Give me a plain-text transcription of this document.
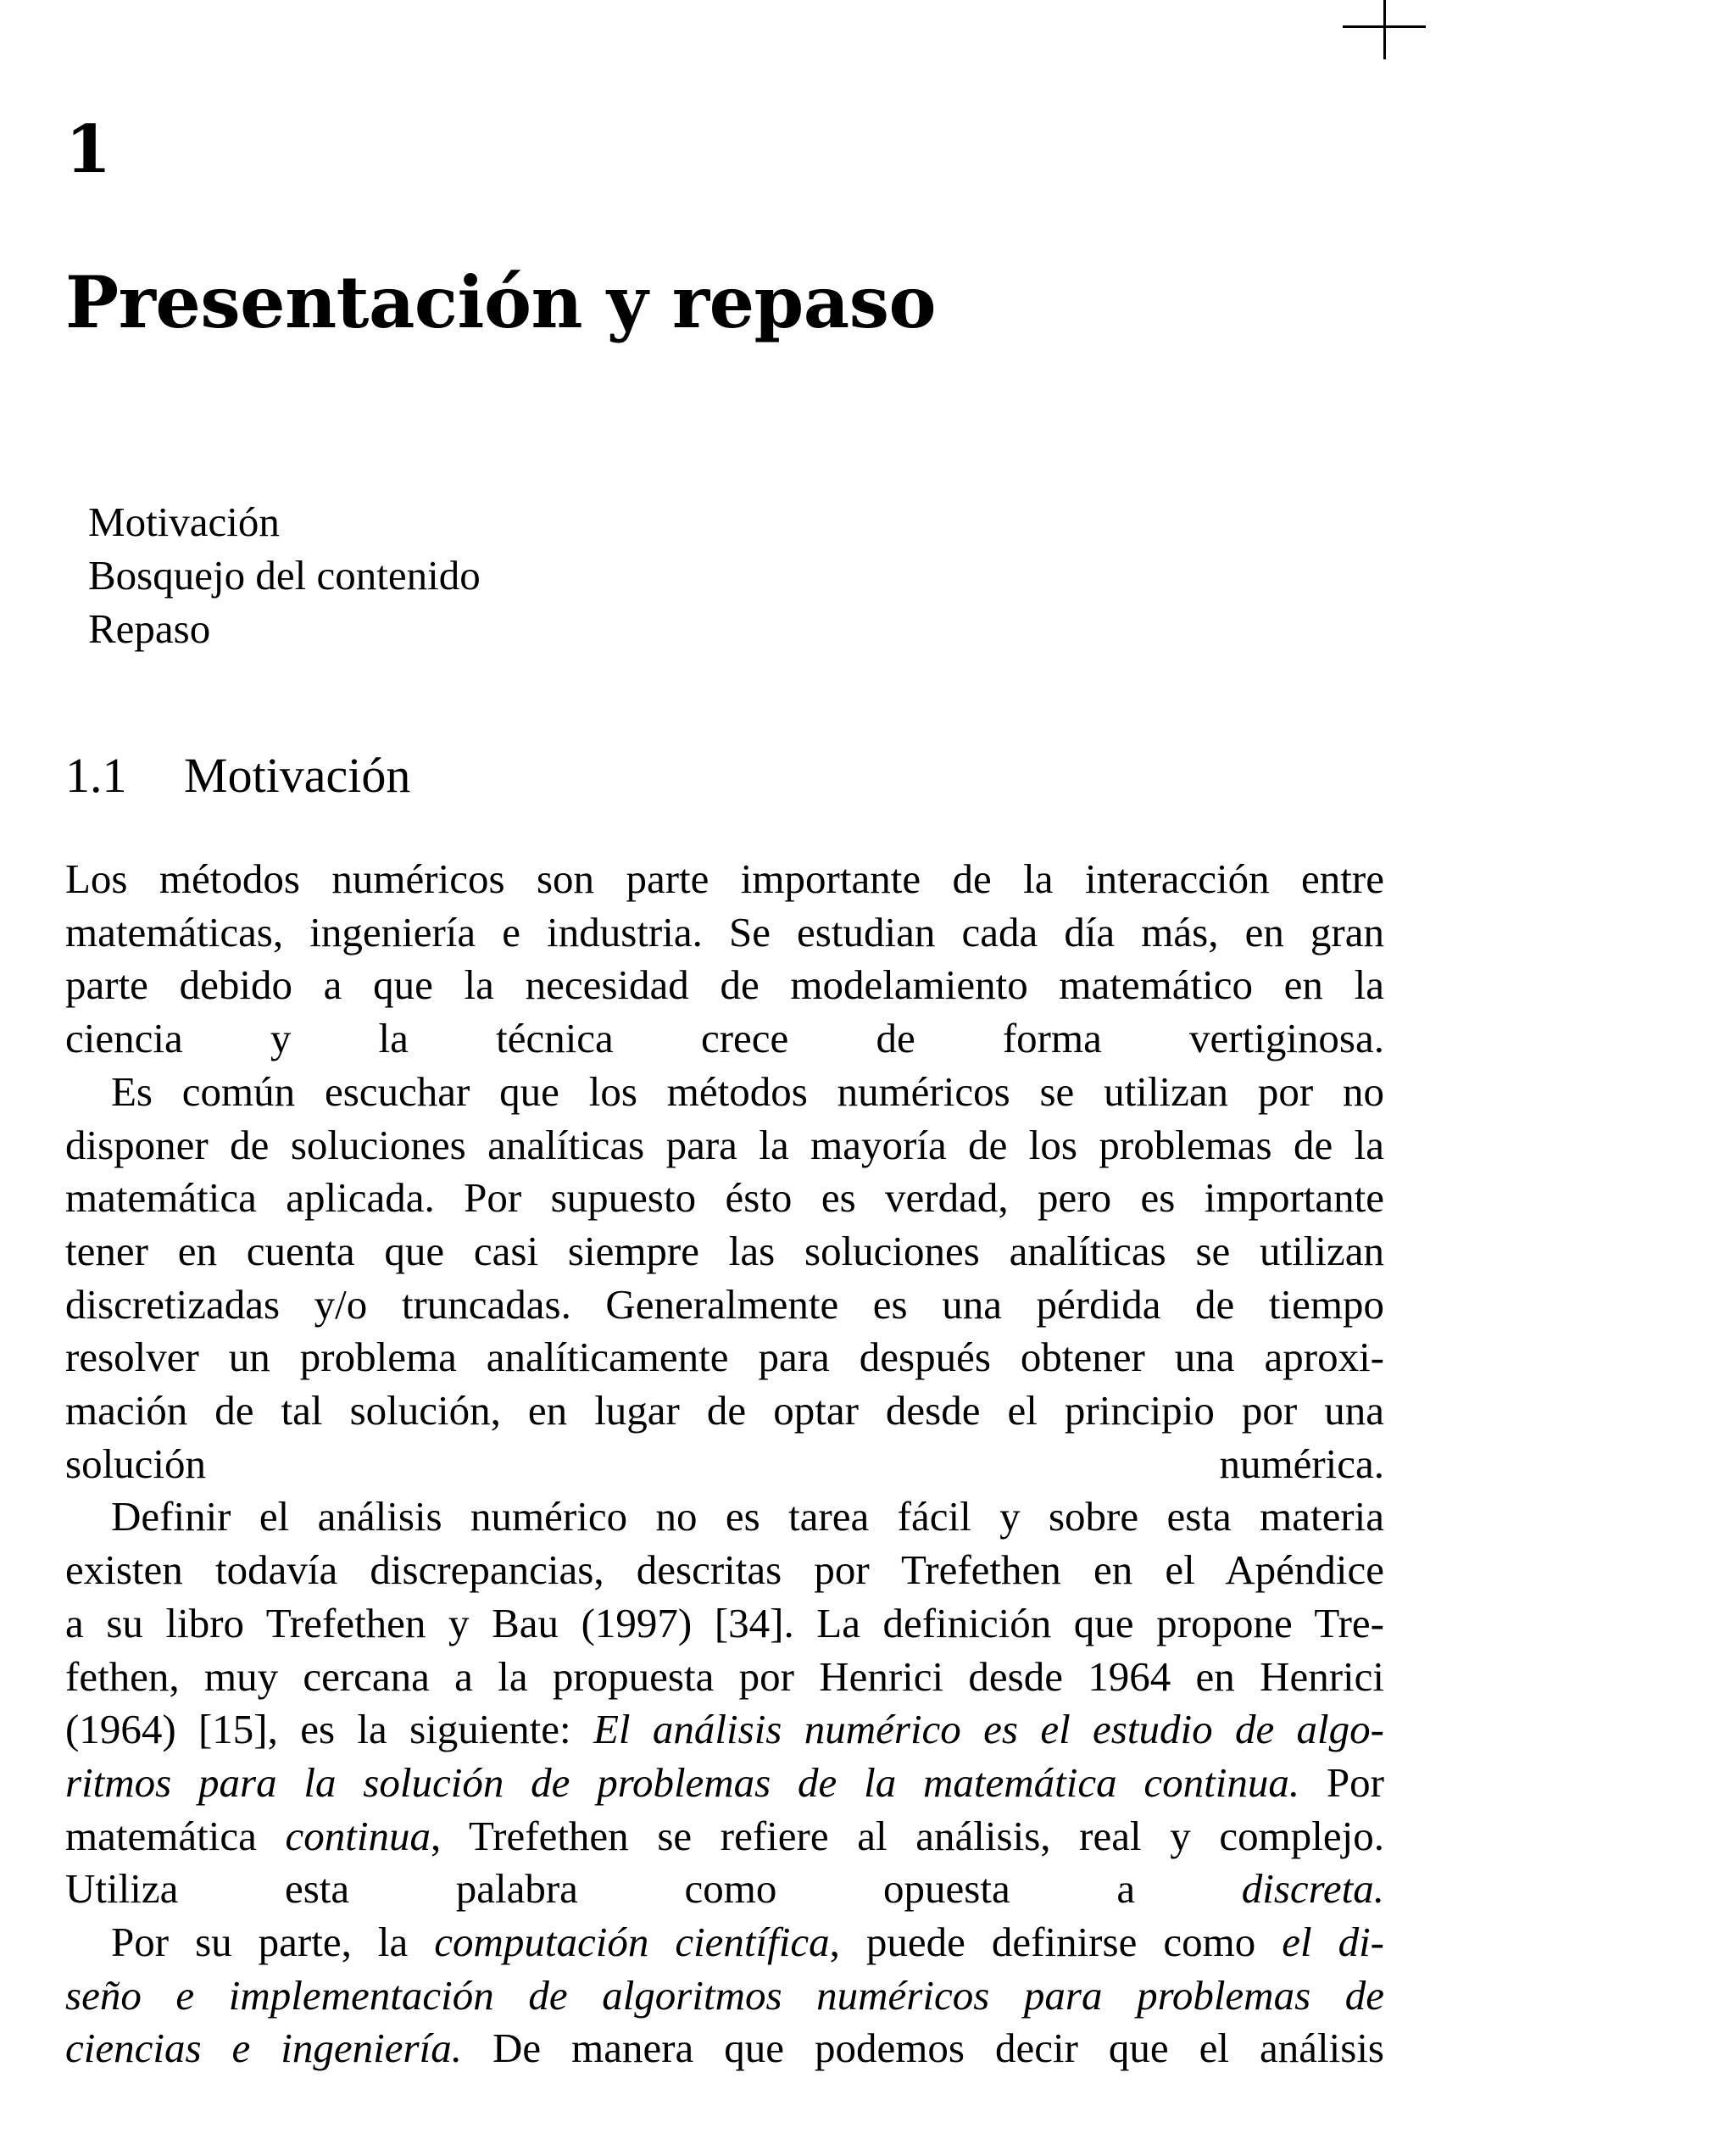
1
Presentación y repaso
Motivación
Bosquejo del contenido
Repaso
1.1 Motivación

Los métodos numéricos son parte importante de la interacción entre
matemáticas, ingeniería e industria. Se estudian cada día más, en gran
parte debido a que la necesidad de modelamiento matemático en la
ciencia y la técnica crece de forma vertiginosa.

Es común escuchar que los métodos numéricos se utilizan por no
disponer de soluciones analíticas para la mayoría de los problemas de la
matemática aplicada. Por supuesto ésto es verdad, pero es importante
tener en cuenta que casi siempre las soluciones analíticas se utilizan
discretizadas y/o truncadas. Generalmente es una pérdida de tiempo
resolver un problema analíticamente para después obtener una aproxi-
mación de tal solución, en lugar de optar desde el principio por una
solución numérica.

Definir el análisis numérico no es tarea fácil y sobre esta materia
existen todavía discrepancias, descritas por Trefethen en el Apéndice
a su libro Trefethen y Bau (1997) [34]. La definición que propone Tre-
fethen, muy cercana a la propuesta por Henrici desde 1964 en Henrici
(1964) [15], es la siguiente: El análisis numérico es el estudio de algo-
ritmos para la solución de problemas de la matemática continua. Por
matemática continua, Trefethen se refiere al análisis, real y complejo.
Utiliza esta palabra como opuesta a discreta.

Por su parte, la computación científica, puede definirse como el di-
seño e implementación de algoritmos numéricos para problemas de
ciencias e ingeniería. De manera que podemos decir que el análisis
